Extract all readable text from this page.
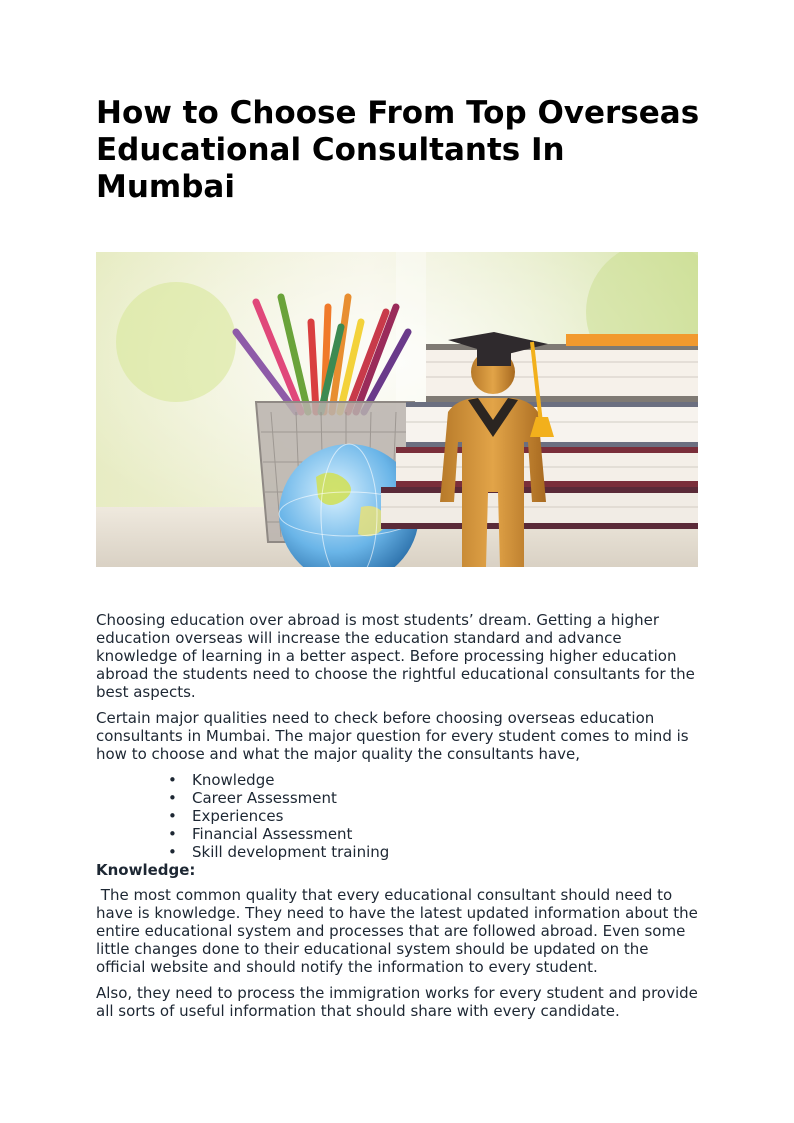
How to Choose From Top Overseas Educational Consultants In Mumbai

Choosing education over abroad is most students’ dream. Getting a higher education overseas will increase the education standard and advance knowledge of learning in a better aspect. Before processing higher education abroad the students need to choose the rightful educational consultants for the best aspects.

Certain major qualities need to check before choosing overseas education consultants in Mumbai. The major question for every student comes to mind is how to choose and what the major quality the consultants have,

• Knowledge
• Career Assessment
• Experiences
• Financial Assessment
• Skill development training
Knowledge:

The most common quality that every educational consultant should need to have is knowledge. They need to have the latest updated information about the entire educational system and processes that are followed abroad. Even some little changes done to their educational system should be updated on the official website and should notify the information to every student.

Also, they need to process the immigration works for every student and provide all sorts of useful information that should share with every candidate.
